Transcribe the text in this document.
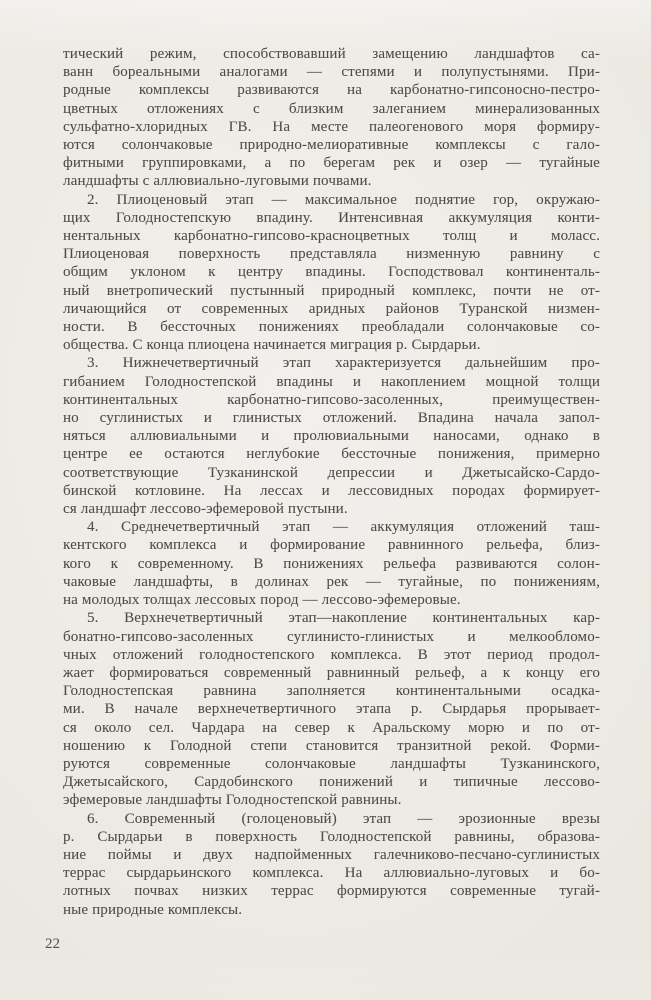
тический режим, способствовавший замещению ландшафтов са-
ванн бореальными аналогами — степями и полупустынями. При-
родные комплексы развиваются на карбонатно-гипсоносно-пестро-
цветных отложениях с близким залеганием минерализованных
сульфатно-хлоридных ГВ. На месте палеогенового моря формиру-
ются солончаковые природно-мелиоративные комплексы с гало-
фитными группировками, а по берегам рек и озер — тугайные
ландшафты с аллювиально-луговыми почвами.
2. Плиоценовый этап — максимальное поднятие гор, окружаю-
щих Голодностепскую впадину. Интенсивная аккумуляция конти-
нентальных карбонатно-гипсово-красноцветных толщ и моласс.
Плиоценовая поверхность представляла низменную равнину с
общим уклоном к центру впадины. Господствовал континенталь-
ный внетропический пустынный природный комплекс, почти не от-
личающийся от современных аридных районов Туранской низмен-
ности. В бессточных понижениях преобладали солончаковые со-
общества. С конца плиоцена начинается миграция р. Сырдарьи.
3. Нижнечетвертичный этап характеризуется дальнейшим про-
гибанием Голодностепской впадины и накоплением мощной толщи
континентальных карбонатно-гипсово-засоленных, преимуществен-
но суглинистых и глинистых отложений. Впадина начала запол-
няться аллювиальными и пролювиальными наносами, однако в
центре ее остаются неглубокие бессточные понижения, примерно
соответствующие Тузканинской депрессии и Джетысайско-Сардо-
бинской котловине. На лессах и лессовидных породах формирует-
ся ландшафт лессово-эфемеровой пустыни.
4. Среднечетвертичный этап — аккумуляция отложений таш-
кентского комплекса и формирование равнинного рельефа, близ-
кого к современному. В понижениях рельефа развиваются солон-
чаковые ландшафты, в долинах рек — тугайные, по понижениям,
на молодых толщах лессовых пород — лессово-эфемеровые.
5. Верхнечетвертичный этап—накопление континентальных кар-
бонатно-гипсово-засоленных суглинисто-глинистых и мелкообломо-
чных отложений голодностепского комплекса. В этот период продол-
жает формироваться современный равнинный рельеф, а к концу его
Голодностепская равнина заполняется континентальными осадка-
ми. В начале верхнечетвертичного этапа р. Сырдарья прорывает-
ся около сел. Чардара на север к Аральскому морю и по от-
ношению к Голодной степи становится транзитной рекой. Форми-
руются современные солончаковые ландшафты Тузканинского,
Джетысайского, Сардобинского понижений и типичные лессово-
эфемеровые ландшафты Голодностепской равнины.
6. Современный (голоценовый) этап — эрозионные врезы
р. Сырдарьи в поверхность Голодностепской равнины, образова-
ние поймы и двух надпойменных галечниково-песчано-суглинистых
террас сырдарьинского комплекса. На аллювиально-луговых и бо-
лотных почвах низких террас формируются современные тугай-
ные природные комплексы.
22
